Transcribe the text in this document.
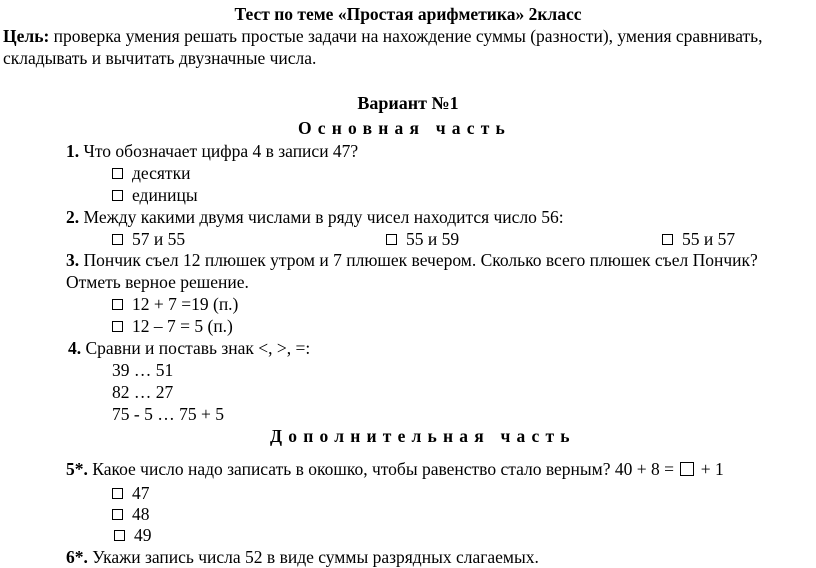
Тест по теме «Простая арифметика» 2класс
Цель: проверка умения решать простые задачи на нахождение суммы (разности), умения сравнивать, складывать и вычитать двузначные числа.
Вариант №1
Основная часть
1. Что обозначает цифра 4 в записи 47?
десятки
единицы
2. Между какими двумя числами в ряду чисел находится число 56:
57 и 55	55 и 59	55 и 57
3. Пончик съел 12 плюшек утром и 7 плюшек вечером. Сколько всего плюшек съел Пончик?
Отметь верное решение.
12 + 7 =19 (п.)
12 – 7 = 5 (п.)
4. Сравни и поставь знак <, >, =:
39 … 51
82 … 27
75 - 5 … 75 + 5
Дополнительная часть
5*. Какое число надо записать в окошко, чтобы равенство стало верным? 40 + 8 =  + 1
47
48
49
6*. Укажи запись числа 52 в виде суммы разрядных слагаемых.
